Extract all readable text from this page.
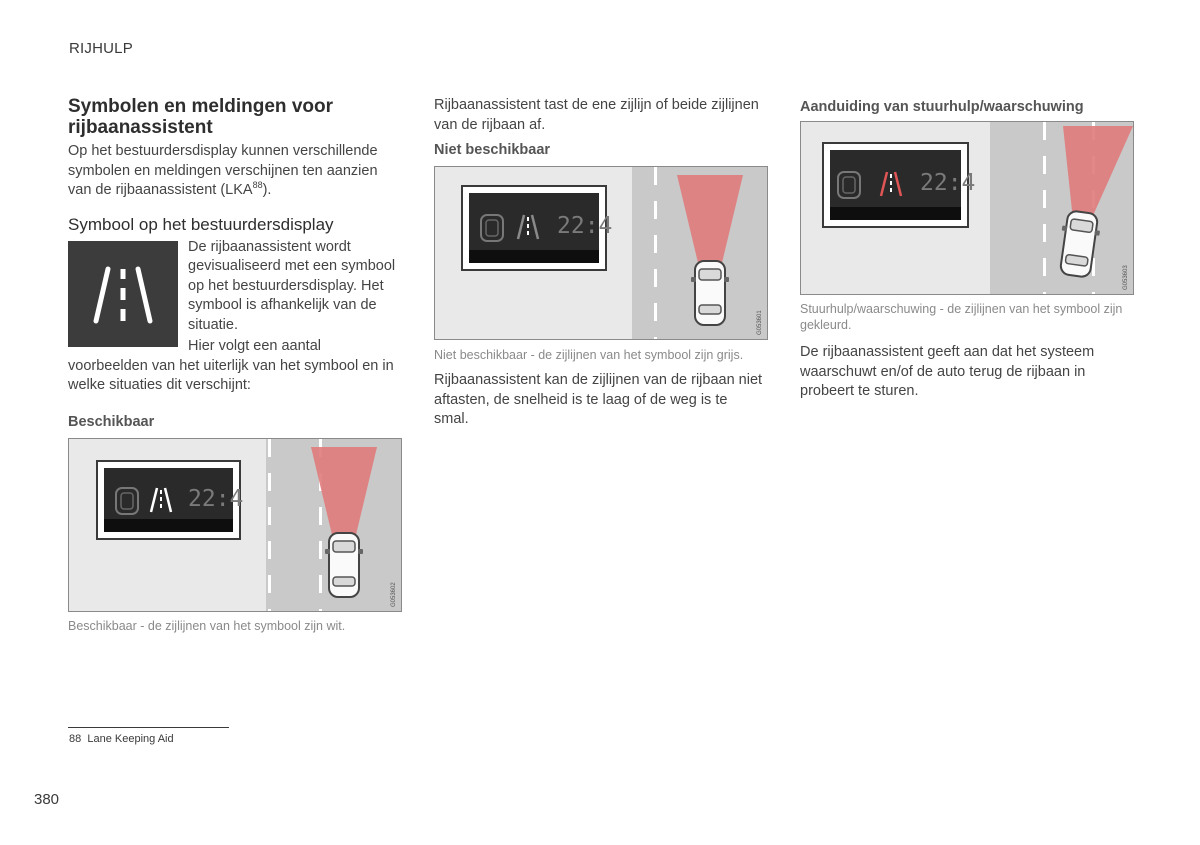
RIJHULP
Symbolen en meldingen voor rijbaanassistent

Op het bestuurdersdisplay kunnen verschillende symbolen en meldingen verschijnen ten aanzien van de rijbaanassistent (LKA$^{88}$).

Symbool op het bestuurdersdisplay

De rijbaanassistent wordt gevisualiseerd met een symbool op het bestuurdersdisplay. Het symbool is afhankelijk van de situatie.

Hier volgt een aantal voorbeelden van het uiterlijk van het symbool en in welke situaties dit verschijnt:

Beschikbaar
22:4
G053602

Beschikbaar - de zijlijnen van het symbool zijn wit.

Rijbaanassistent tast de ene zijlijn of beide zijlijnen van de rijbaan af.

Niet beschikbaar
22:4
G053601

Niet beschikbaar - de zijlijnen van het symbool zijn grijs.

Rijbaanassistent kan de zijlijnen van de rijbaan niet aftasten, de snelheid is te laag of de weg is te smal.

Aanduiding van stuurhulp/waarschuwing
22:4
G053603

Stuurhulp/waarschuwing - de zijlijnen van het symbool zijn gekleurd.

De rijbaanassistent geeft aan dat het systeem waarschuwt en/of de auto terug de rijbaan in probeert te sturen.

88 Lane Keeping Aid
380
